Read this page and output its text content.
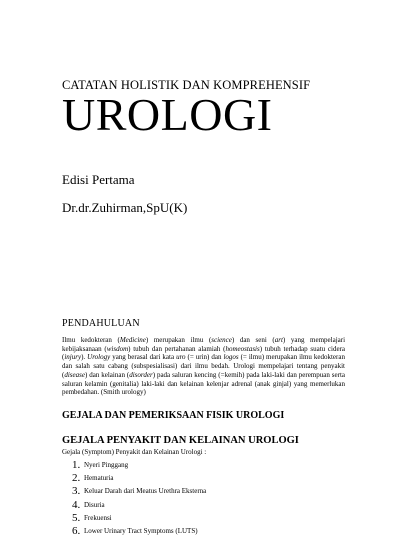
CATATAN HOLISTIK DAN KOMPREHENSIF
UROLOGI
Edisi Pertama
Dr.dr.Zuhirman,SpU(K)
PENDAHULUAN

Ilmu kedokteran (Medicine) merupakan ilmu (science) dan seni (art) yang mempelajari kebijaksanaan (wisdom) tubuh dan pertahanan alamiah (homeostasis) tubuh terhadap suatu cidera (injury). Urology yang berasal dari kata uro (= urin) dan logos (= ilmu) merupakan ilmu kedokteran dan salah satu cabang (subspesialisasi) dari ilmu bedah. Urologi mempelajari tentang penyakit (disease) dan kelainan (disorder) pada saluran kencing (=kemih) pada laki-laki dan perempuan serta saluran kelamin (genitalia) laki-laki dan kelainan kelenjar adrenal (anak ginjal) yang memerlukan pembedahan. (Smith urology)

GEJALA DAN PEMERIKSAAN FISIK UROLOGI
GEJALA PENYAKIT DAN KELAINAN UROLOGI
Gejala (Symptom) Penyakit dan Kelainan Urologi :
1. Nyeri Pinggang
2. Hematuria
3. Keluar Darah dari Meatus Urethra Eksterna
4. Disuria
5. Frekuensi
6. Lower Urinary Tract Symptoms (LUTS)
